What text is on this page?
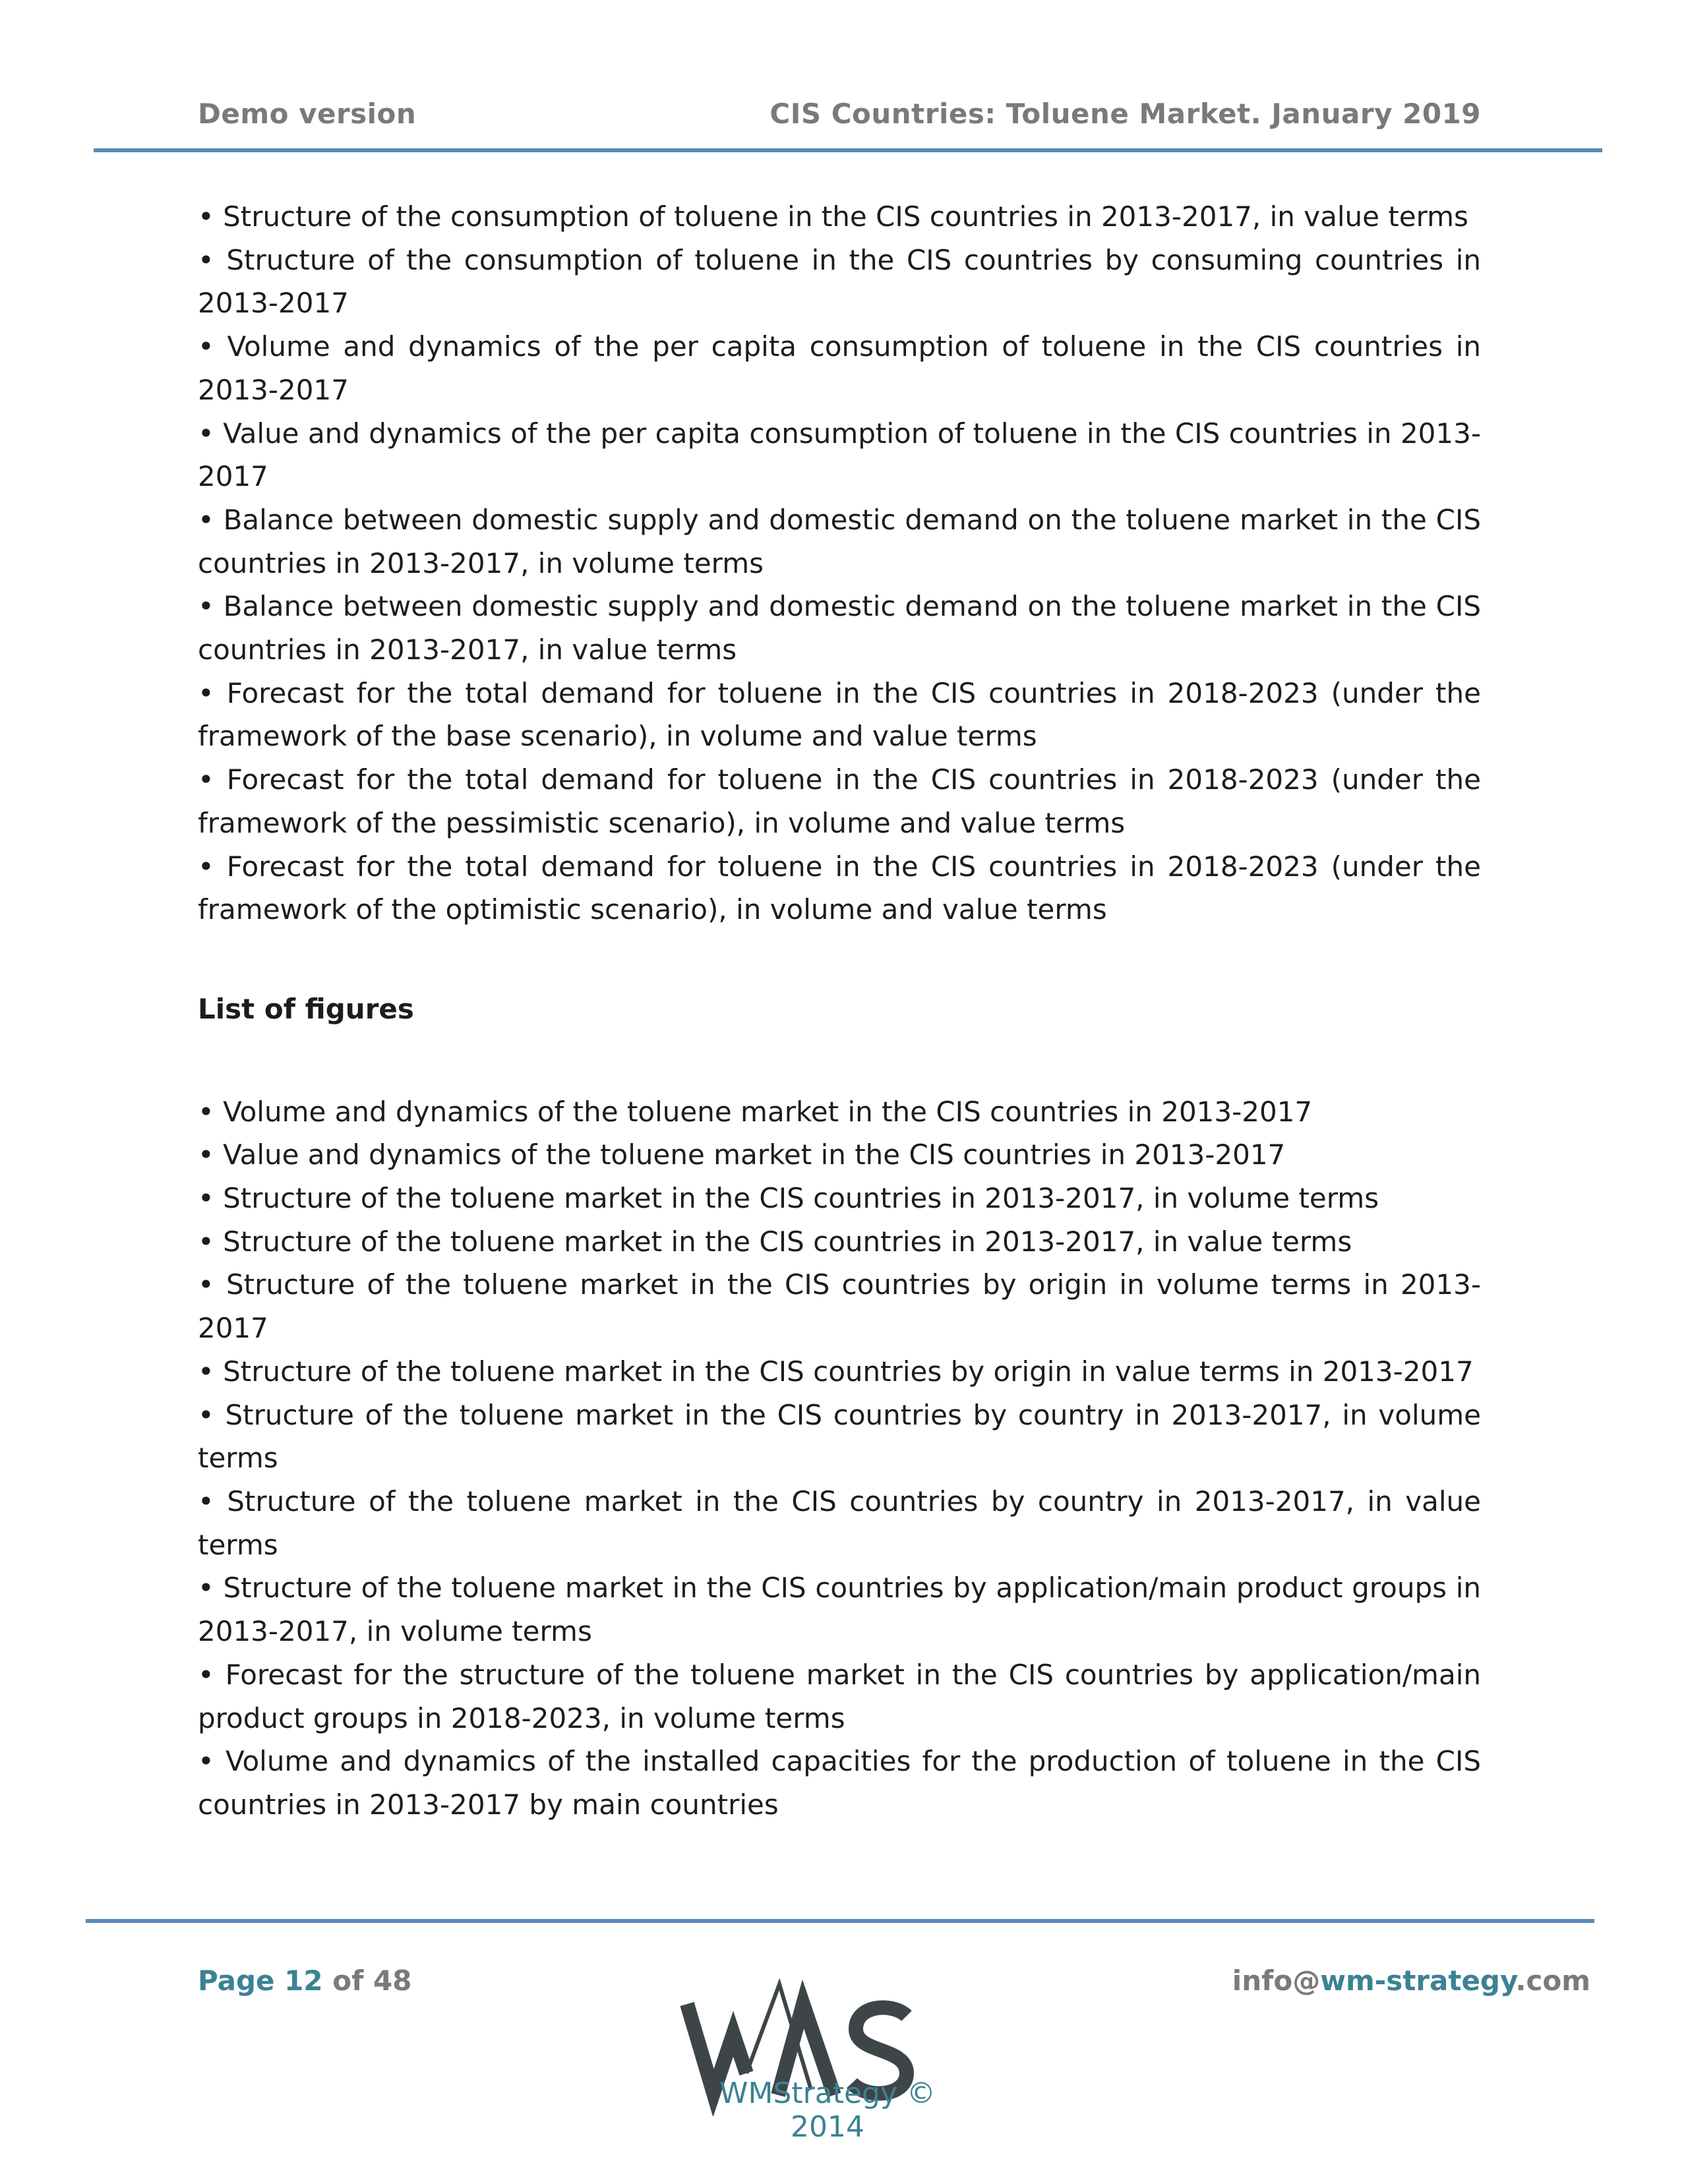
Demo version	CIS Countries: Toluene Market. January 2019

• Structure of the consumption of toluene in the CIS countries in 2013-2017, in value terms

• Structure of the consumption of toluene in the CIS countries by consuming countries in 2013-2017

• Volume and dynamics of the per capita consumption of toluene in the CIS countries in 2013-2017

• Value and dynamics of the per capita consumption of toluene in the CIS countries in 2013-2017

• Balance between domestic supply and domestic demand on the toluene market in the CIS countries in 2013-2017, in volume terms

• Balance between domestic supply and domestic demand on the toluene market in the CIS countries in 2013-2017, in value terms

• Forecast for the total demand for toluene in the CIS countries in 2018-2023 (under the framework of the base scenario), in volume and value terms

• Forecast for the total demand for toluene in the CIS countries in 2018-2023 (under the framework of the pessimistic scenario), in volume and value terms

• Forecast for the total demand for toluene in the CIS countries in 2018-2023 (under the framework of the optimistic scenario), in volume and value terms

List of figures

• Volume and dynamics of the toluene market in the CIS countries in 2013-2017

• Value and dynamics of the toluene market in the CIS countries in 2013-2017

• Structure of the toluene market in the CIS countries in 2013-2017, in volume terms

• Structure of the toluene market in the CIS countries in 2013-2017, in value terms

• Structure of the toluene market in the CIS countries by origin in volume terms in 2013-2017

• Structure of the toluene market in the CIS countries by origin in value terms in 2013-2017

• Structure of the toluene market in the CIS countries by country in 2013-2017, in volume terms

• Structure of the toluene market in the CIS countries by country in 2013-2017, in value terms

• Structure of the toluene market in the CIS countries by application/main product groups in 2013-2017, in volume terms

• Forecast for the structure of the toluene market in the CIS countries by application/main product groups in 2018-2023, in volume terms

• Volume and dynamics of the installed capacities for the production of toluene in the CIS countries in 2013-2017 by main countries

Page 12 of 48	info@wm-strategy.com
WMStrategy © 2014
